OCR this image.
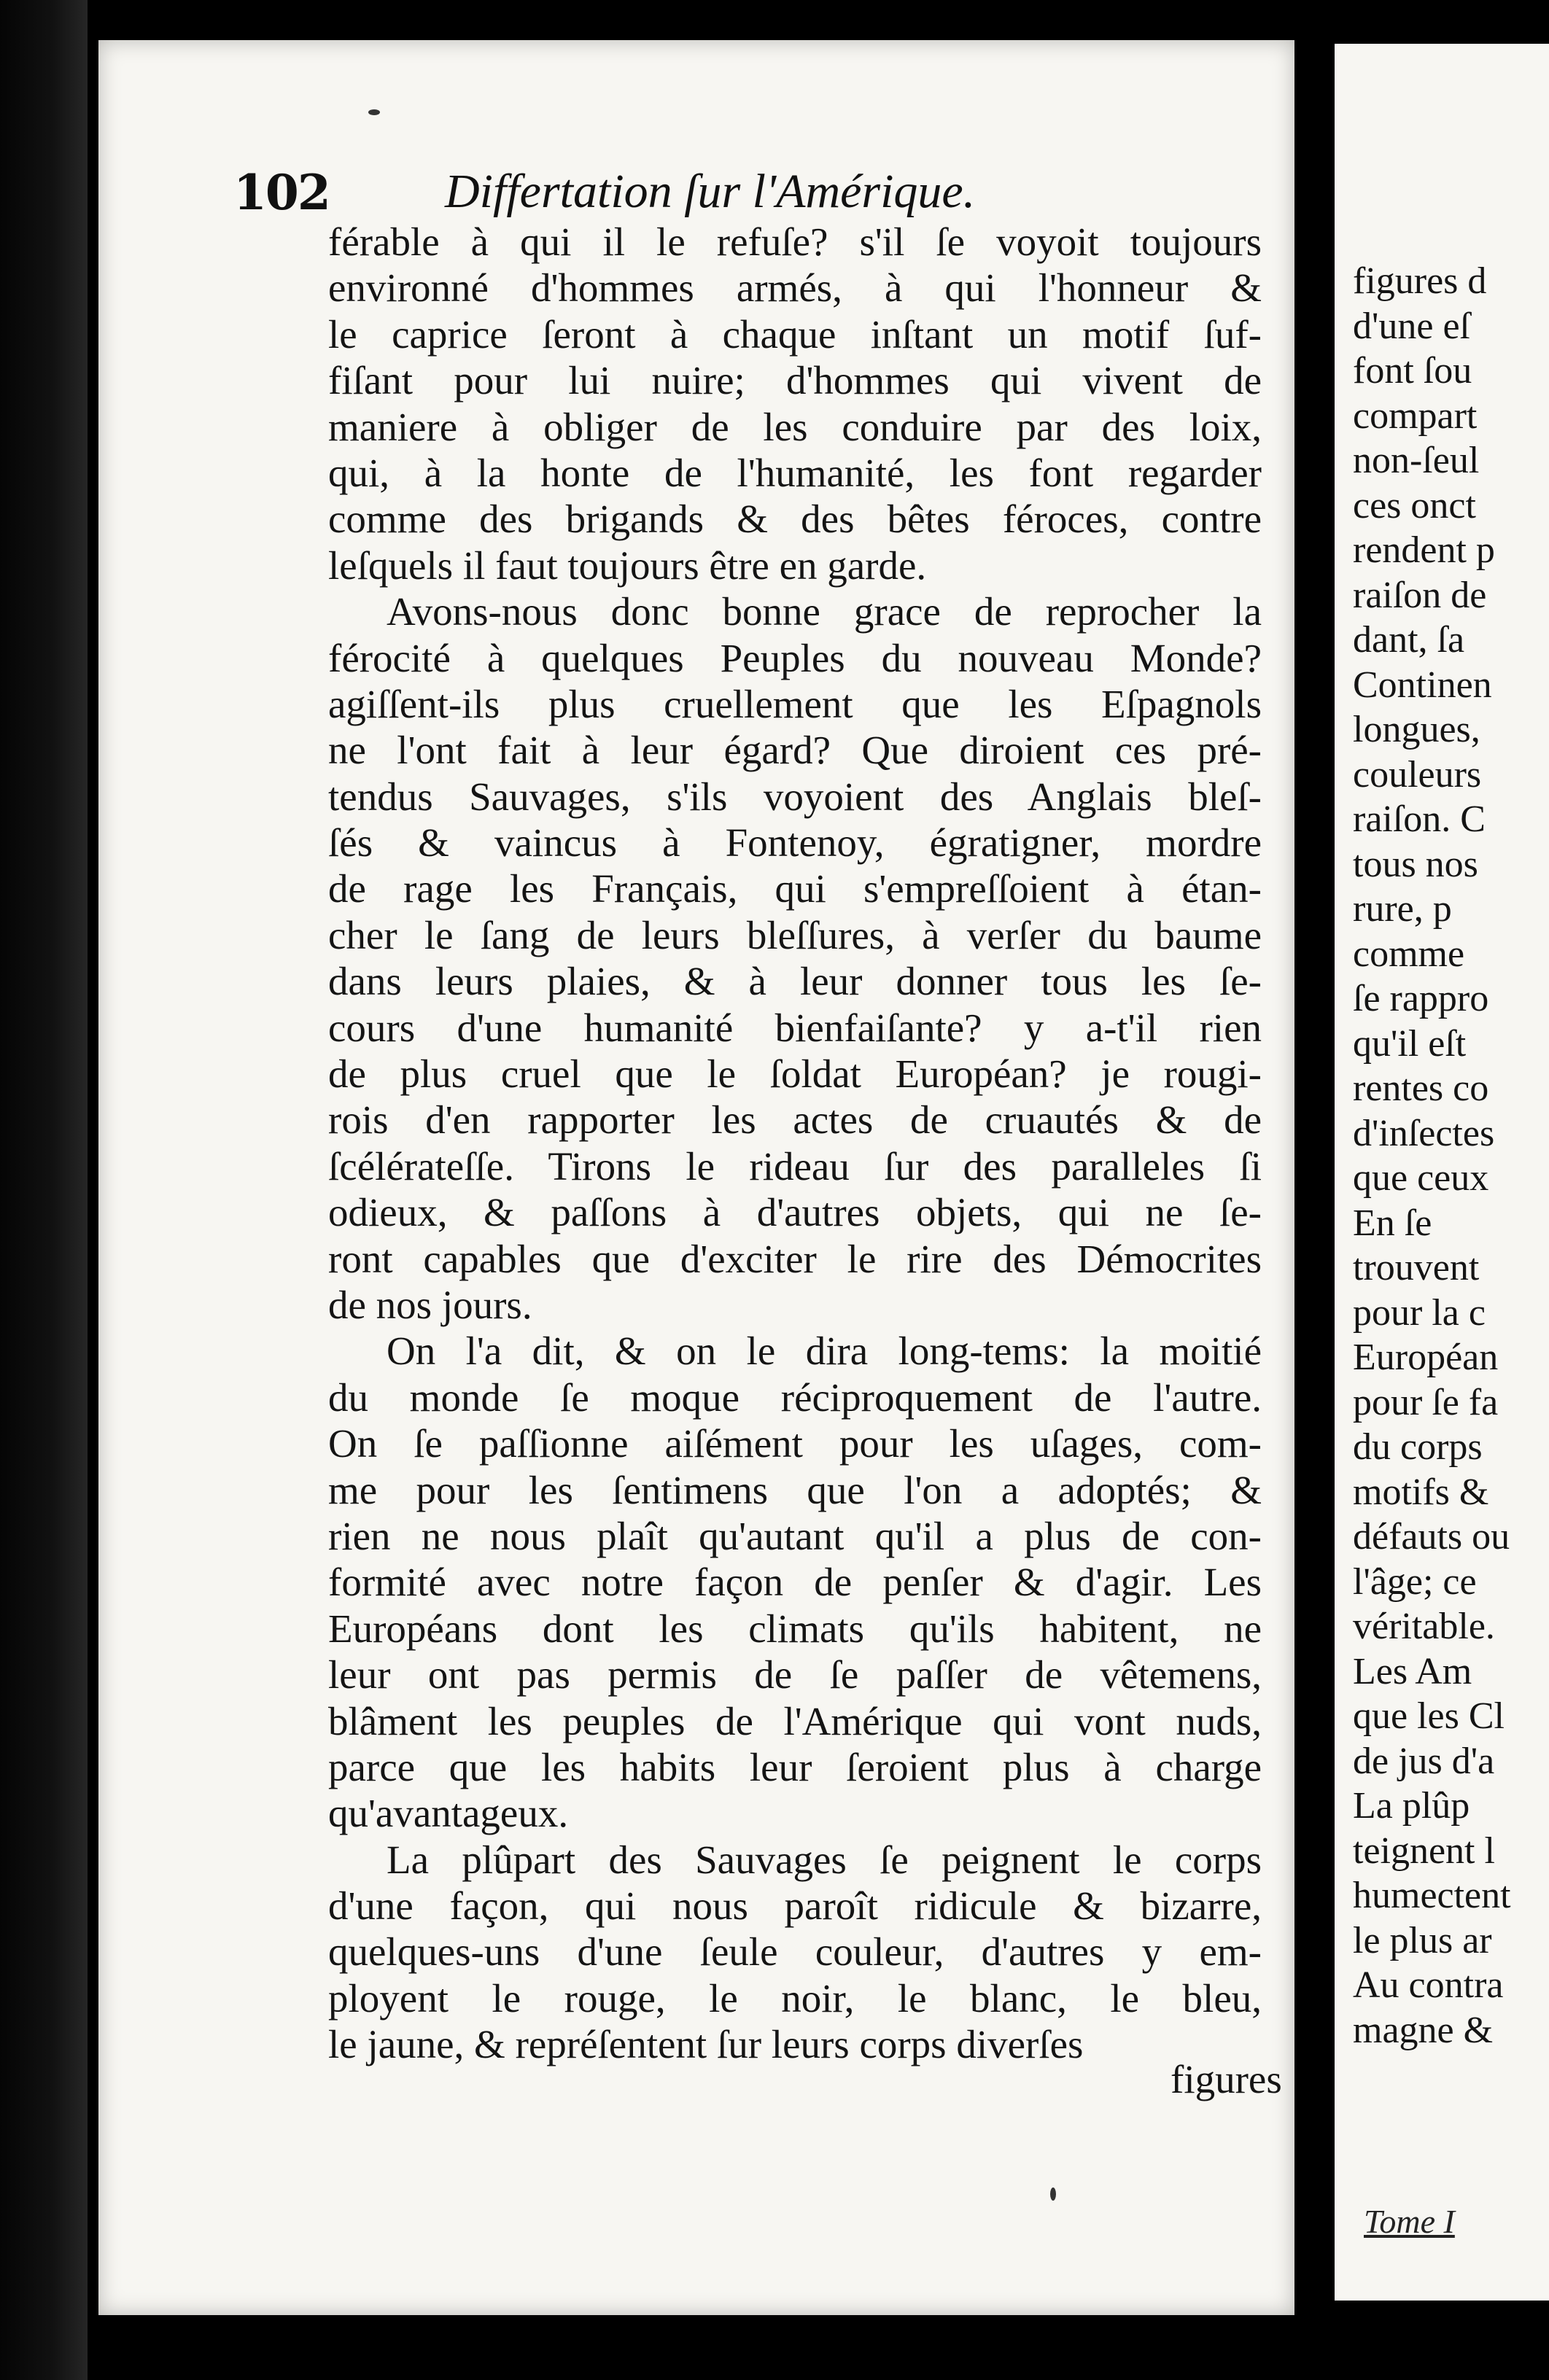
102 Differtation ſur l'Amérique.
férable à qui il le refuſe? s'il ſe voyoit toujours
environné d'hommes armés, à qui l'honneur &
le caprice ſeront à chaque inſtant un motif ſuf-
fiſant pour lui nuire; d'hommes qui vivent de
maniere à obliger de les conduire par des loix,
qui, à la honte de l'humanité, les font regarder
comme des brigands & des bêtes féroces, contre
leſquels il faut toujours être en garde.
Avons-nous donc bonne grace de reprocher la
férocité à quelques Peuples du nouveau Monde?
agiſſent-ils plus cruellement que les Eſpagnols
ne l'ont fait à leur égard? Que diroient ces pré-
tendus Sauvages, s'ils voyoient des Anglais bleſ-
ſés & vaincus à Fontenoy, égratigner, mordre
de rage les Français, qui s'empreſſoient à étan-
cher le ſang de leurs bleſſures, à verſer du baume
dans leurs plaies, & à leur donner tous les ſe-
cours d'une humanité bienfaiſante? y a-t'il rien
de plus cruel que le ſoldat Européan? je rougi-
rois d'en rapporter les actes de cruautés & de
ſcélérateſſe. Tirons le rideau ſur des paralleles ſi
odieux, & paſſons à d'autres objets, qui ne ſe-
ront capables que d'exciter le rire des Démocrites
de nos jours.
On l'a dit, & on le dira long-tems: la moitié
du monde ſe moque réciproquement de l'autre.
On ſe paſſionne aiſément pour les uſages, com-
me pour les ſentimens que l'on a adoptés; &
rien ne nous plaît qu'autant qu'il a plus de con-
formité avec notre façon de penſer & d'agir. Les
Européans dont les climats qu'ils habitent, ne
leur ont pas permis de ſe paſſer de vêtemens,
blâment les peuples de l'Amérique qui vont nuds,
parce que les habits leur ſeroient plus à charge
qu'avantageux.
La plûpart des Sauvages ſe peignent le corps
d'une façon, qui nous paroît ridicule & bizarre,
quelques-uns d'une ſeule couleur, d'autres y em-
ployent le rouge, le noir, le blanc, le bleu,
le jaune, & repréſentent ſur leurs corps diverſes
figures
figures d
d'une eſ
font ſou
compart
non-ſeul
ces onct
rendent p
raiſon de
dant, ſa
Continen
longues,
couleurs
raiſon. C
tous nos
rure, p
comme
ſe rappro
qu'il eſt
rentes co
d'inſectes
que ceux
En ſe
trouvent
pour la c
Européan
pour ſe fa
du corps
motifs &
défauts ou
l'âge; ce
véritable.
Les Am
que les Cl
de jus d'a
La plûp
teignent l
humectent
le plus ar
Au contra
magne &
Tome I
